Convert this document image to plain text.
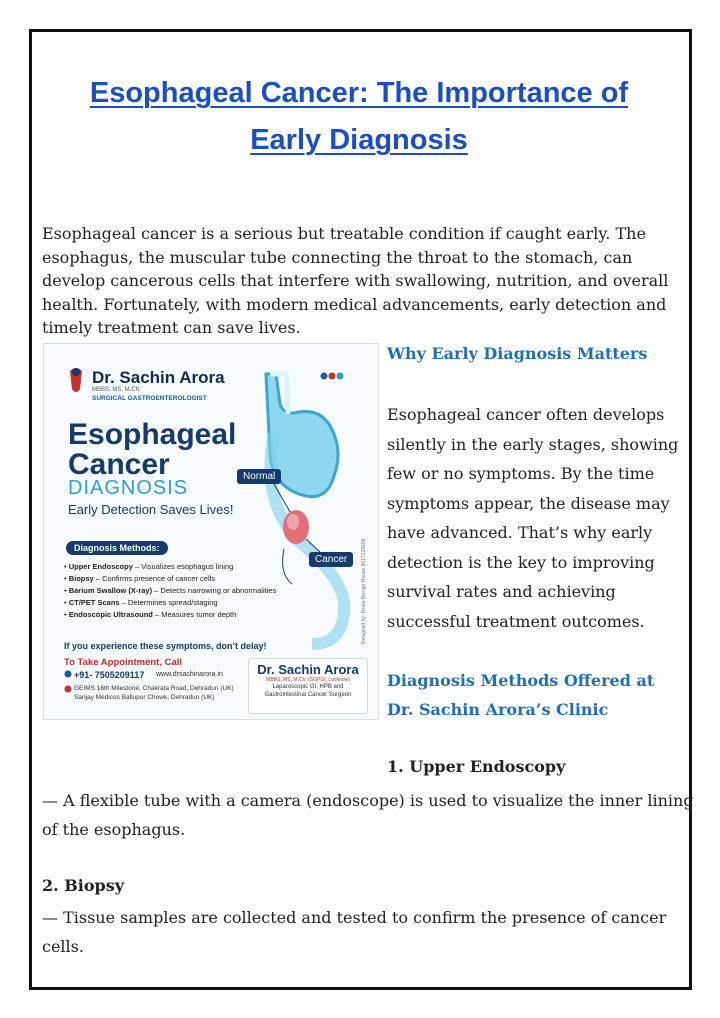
Esophageal Cancer: The Importance of
Early Diagnosis

Esophageal cancer is a serious but treatable condition if caught early. The
esophagus, the muscular tube connecting the throat to the stomach, can
develop cancerous cells that interfere with swallowing, nutrition, and overall
health. Fortunately, with modern medical advancements, early detection and
timely treatment can save lives.

Dr. Sachin Arora
MBBS, MS, M.Ch.
SURGICAL GASTROENTEROLOGIST
Esophageal
Cancer
DIAGNOSIS
Early Detection Saves Lives!
Normal
Cancer
Diagnosis Methods:
• Upper Endoscopy – Visualizes esophagus lining
• Biopsy – Confirms presence of cancer cells
• Barium Swallow (X-ray) – Detects narrowing or abnormalities
• CT/PET Scans – Determines spread/staging
• Endoscopic Ultrasound – Measures tumor depth
If you experience these symptoms, don’t delay!
To Take Appointment, Call
+91- 7505209117 www.drsachinarora.in
GEIMS 16th Milestone, Chakrata Road, Dehradun (UK)
Sanjay Medicos Ballupur Chowk, Dehradun (UK)
Dr. Sachin Arora
MBBS, MS, M.Ch. (SGPGI, Lucknow)
Laparoscopic GI, HPB and
Gastrointestinal Cancer Surgeon
Designed by: Rewa Design House 8617123608
Why Early Diagnosis Matters

Esophageal cancer often develops
silently in the early stages, showing
few or no symptoms. By the time
symptoms appear, the disease may
have advanced. That’s why early
detection is the key to improving
survival rates and achieving
successful treatment outcomes.

Diagnosis Methods Offered at
Dr. Sachin Arora’s Clinic
1. Upper Endoscopy

— A flexible tube with a camera (endoscope) is used to visualize the inner lining
of the esophagus.

2. Biopsy

— Tissue samples are collected and tested to confirm the presence of cancer
cells.
